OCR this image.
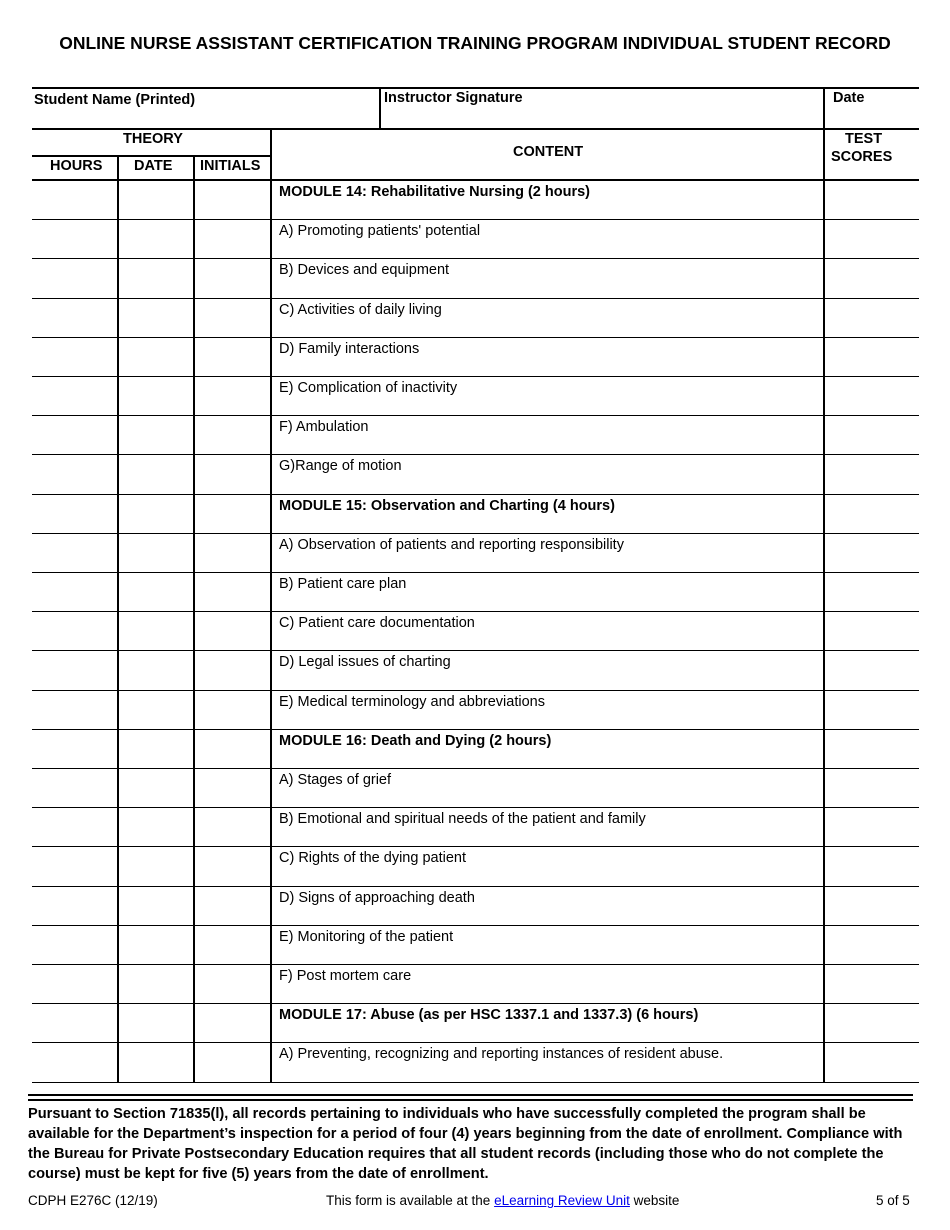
ONLINE NURSE ASSISTANT CERTIFICATION TRAINING PROGRAM INDIVIDUAL STUDENT RECORD
Student Name (Printed)	Instructor Signature	Date
THEORY
HOURS DATE INITIALS
CONTENT
TEST
SCORES
MODULE 14: Rehabilitative Nursing (2 hours)
A) Promoting patients' potential
B) Devices and equipment
C) Activities of daily living
D) Family interactions
E) Complication of inactivity
F) Ambulation
G)Range of motion
MODULE 15: Observation and Charting (4 hours)
A) Observation of patients and reporting responsibility
B) Patient care plan
C) Patient care documentation
D) Legal issues of charting
E) Medical terminology and abbreviations
MODULE 16: Death and Dying (2 hours)
A) Stages of grief
B) Emotional and spiritual needs of the patient and family
C) Rights of the dying patient
D) Signs of approaching death
E) Monitoring of the patient
F) Post mortem care
MODULE 17: Abuse (as per HSC 1337.1 and 1337.3) (6 hours)
A) Preventing, recognizing and reporting instances of resident abuse.
Pursuant to Section 71835(l), all records pertaining to individuals who have successfully completed the program shall be available for the Department’s inspection for a period of four (4) years beginning from the date of enrollment. Compliance with the Bureau for Private Postsecondary Education requires that all student records (including those who do not complete the course) must be kept for five (5) years from the date of enrollment.
CDPH E276C (12/19)	This form is available at the eLearning Review Unit website	5 of 5
